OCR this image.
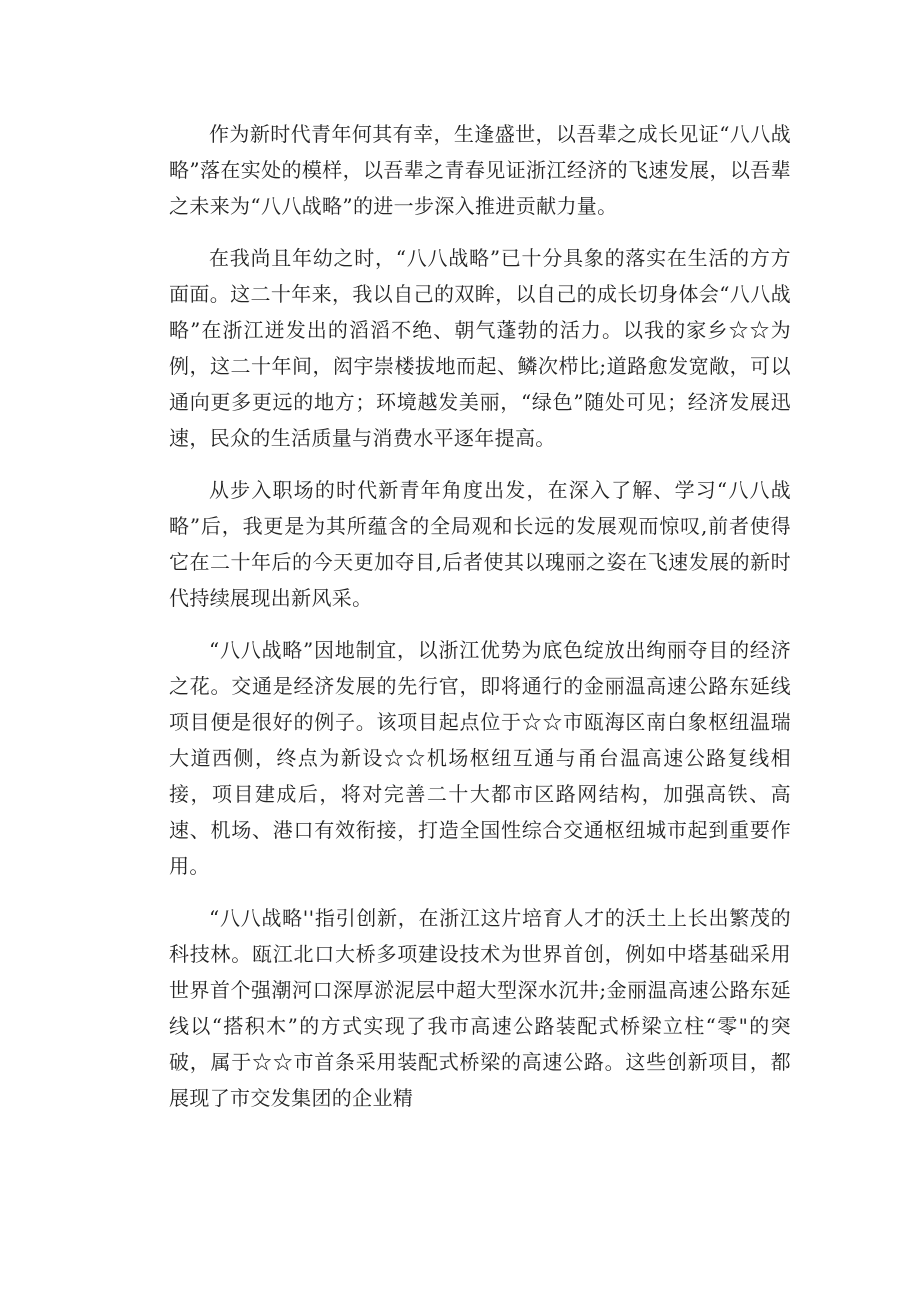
作为新时代青年何其有幸，生逢盛世，以吾辈之成长见证“八八战略”落在实处的模样，以吾辈之青春见证浙江经济的飞速发展，以吾辈之未来为“八八战略”的进一步深入推进贡献力量。

在我尚且年幼之时，“八八战略”已十分具象的落实在生活的方方面面。这二十年来，我以自己的双眸，以自己的成长切身体会“八八战略”在浙江迸发出的滔滔不绝、朝气蓬勃的活力。以我的家乡☆☆为例，这二十年间，闳宇崇楼拔地而起、鳞次栉比;道路愈发宽敞，可以通向更多更远的地方；环境越发美丽，“绿色”随处可见；经济发展迅速，民众的生活质量与消费水平逐年提高。

从步入职场的时代新青年角度出发，在深入了解、学习“八八战略”后，我更是为其所蕴含的全局观和长远的发展观而惊叹,前者使得它在二十年后的今天更加夺目,后者使其以瑰丽之姿在飞速发展的新时代持续展现出新风采。

“八八战略”因地制宜，以浙江优势为底色绽放出绚丽夺目的经济之花。交通是经济发展的先行官，即将通行的金丽温高速公路东延线项目便是很好的例子。该项目起点位于☆☆市瓯海区南白象枢纽温瑞大道西侧，终点为新设☆☆机场枢纽互通与甬台温高速公路复线相接，项目建成后，将对完善二十大都市区路网结构，加强高铁、高速、机场、港口有效衔接，打造全国性综合交通枢纽城市起到重要作用。

“八八战略''指引创新，在浙江这片培育人才的沃土上长出繁茂的科技林。瓯江北口大桥多项建设技术为世界首创，例如中塔基础采用世界首个强潮河口深厚淤泥层中超大型深水沉井;金丽温高速公路东延线以“搭积木”的方式实现了我市高速公路装配式桥梁立柱“零"的突破，属于☆☆市首条采用装配式桥梁的高速公路。这些创新项目，都展现了市交发集团的企业精
